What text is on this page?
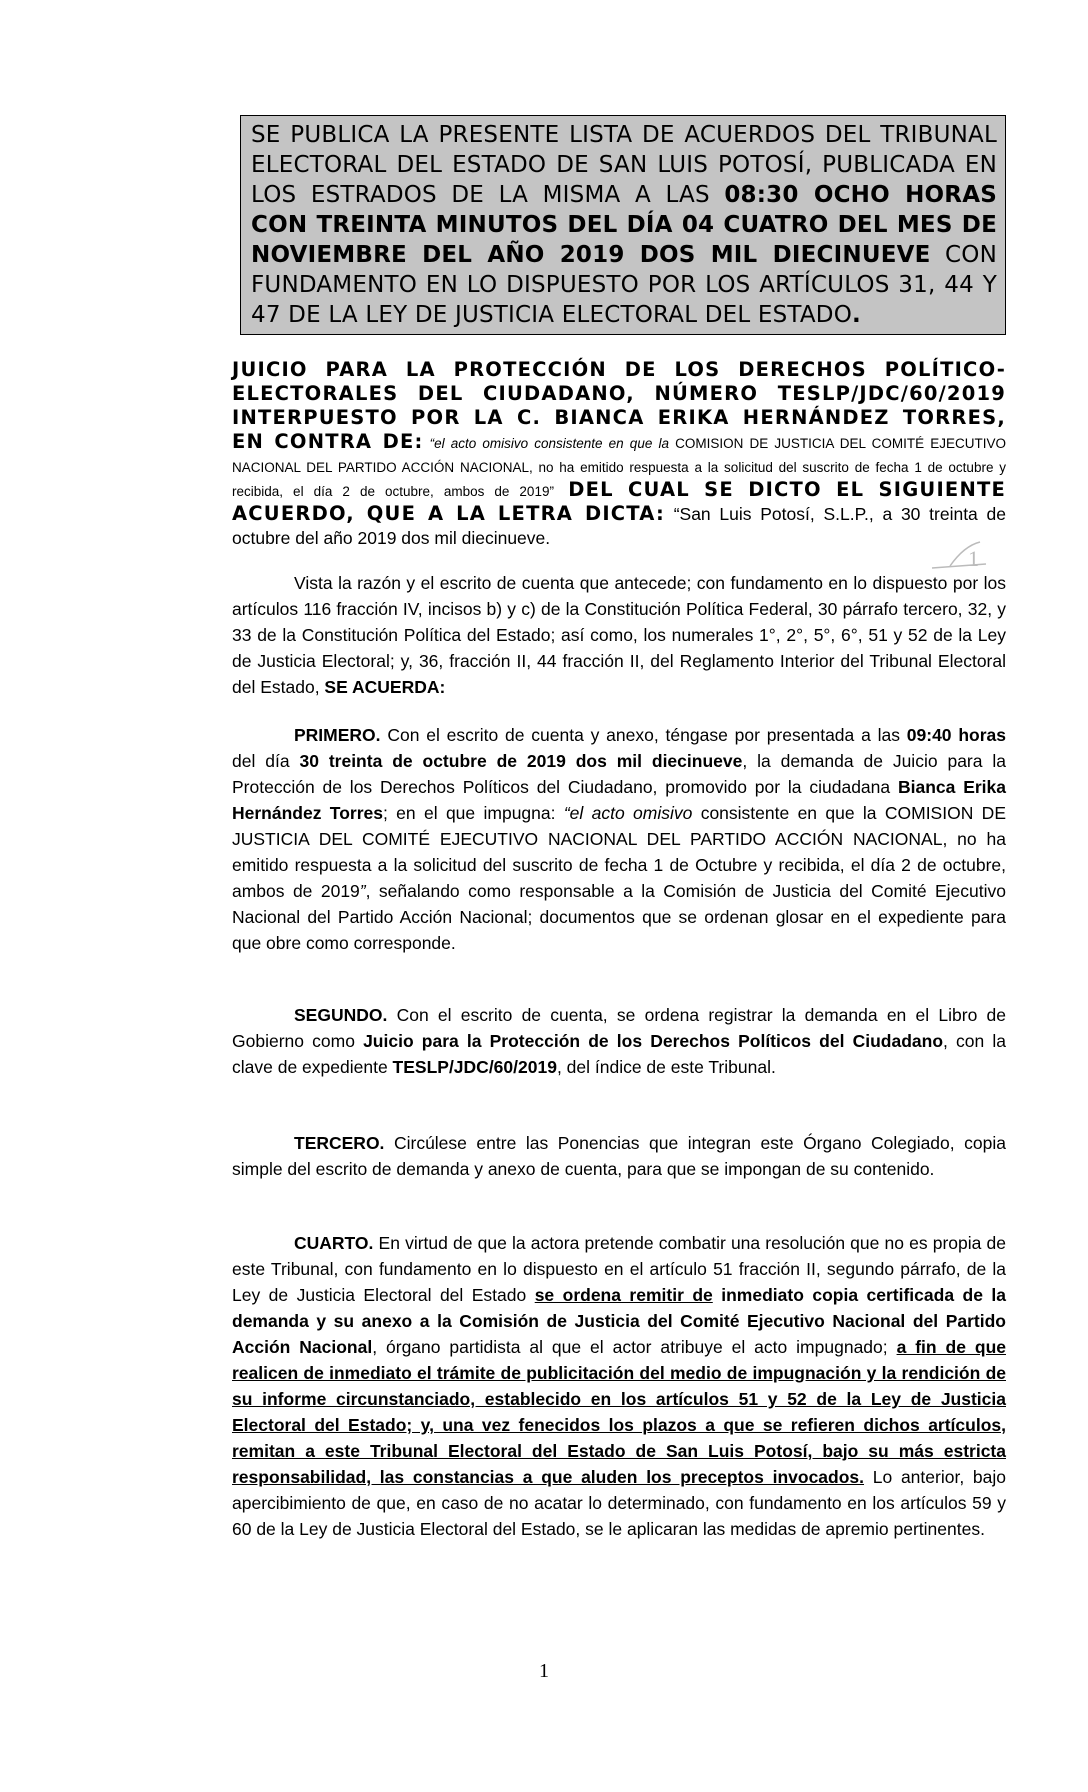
SE PUBLICA LA PRESENTE LISTA DE ACUERDOS DEL TRIBUNAL ELECTORAL DEL ESTADO DE SAN LUIS POTOSÍ, PUBLICADA EN LOS ESTRADOS DE LA MISMA A LAS 08:30 OCHO HORAS CON TREINTA MINUTOS DEL DÍA 04 CUATRO DEL MES DE NOVIEMBRE DEL AÑO 2019 DOS MIL DIECINUEVE CON FUNDAMENTO EN LO DISPUESTO POR LOS ARTÍCULOS 31, 44 Y 47 DE LA LEY DE JUSTICIA ELECTORAL DEL ESTADO.

JUICIO PARA LA PROTECCIÓN DE LOS DERECHOS POLÍTICO-ELECTORALES DEL CIUDADANO, NÚMERO TESLP/JDC/60/2019 INTERPUESTO POR LA C. BIANCA ERIKA HERNÁNDEZ TORRES, EN CONTRA DE: “el acto omisivo consistente en que la COMISION DE JUSTICIA DEL COMITÉ EJECUTIVO NACIONAL DEL PARTIDO ACCIÓN NACIONAL, no ha emitido respuesta a la solicitud del suscrito de fecha 1 de octubre y recibida, el día 2 de octubre, ambos de 2019” DEL CUAL SE DICTO EL SIGUIENTE ACUERDO, QUE A LA LETRA DICTA: “San Luis Potosí, S.L.P., a 30 treinta de octubre del año 2019 dos mil diecinueve.

1

Vista la razón y el escrito de cuenta que antecede; con fundamento en lo dispuesto por los artículos 116 fracción IV, incisos b) y c) de la Constitución Política Federal, 30 párrafo tercero, 32, y 33 de la Constitución Política del Estado; así como, los numerales 1°, 2°, 5°, 6°, 51 y 52 de la Ley de Justicia Electoral; y, 36, fracción II, 44 fracción II, del Reglamento Interior del Tribunal Electoral del Estado, SE ACUERDA:

PRIMERO. Con el escrito de cuenta y anexo, téngase por presentada a las 09:40 horas del día 30 treinta de octubre de 2019 dos mil diecinueve, la demanda de Juicio para la Protección de los Derechos Políticos del Ciudadano, promovido por la ciudadana Bianca Erika Hernández Torres; en el que impugna: “el acto omisivo consistente en que la COMISION DE JUSTICIA DEL COMITÉ EJECUTIVO NACIONAL DEL PARTIDO ACCIÓN NACIONAL, no ha emitido respuesta a la solicitud del suscrito de fecha 1 de Octubre y recibida, el día 2 de octubre, ambos de 2019”, señalando como responsable a la Comisión de Justicia del Comité Ejecutivo Nacional del Partido Acción Nacional; documentos que se ordenan glosar en el expediente para que obre como corresponde.

SEGUNDO. Con el escrito de cuenta, se ordena registrar la demanda en el Libro de Gobierno como Juicio para la Protección de los Derechos Políticos del Ciudadano, con la clave de expediente TESLP/JDC/60/2019, del índice de este Tribunal.

TERCERO. Circúlese entre las Ponencias que integran este Órgano Colegiado, copia simple del escrito de demanda y anexo de cuenta, para que se impongan de su contenido.

CUARTO. En virtud de que la actora pretende combatir una resolución que no es propia de este Tribunal, con fundamento en lo dispuesto en el artículo 51 fracción II, segundo párrafo, de la Ley de Justicia Electoral del Estado se ordena remitir de inmediato copia certificada de la demanda y su anexo a la Comisión de Justicia del Comité Ejecutivo Nacional del Partido Acción Nacional, órgano partidista al que el actor atribuye el acto impugnado; a fin de que realicen de inmediato el trámite de publicitación del medio de impugnación y la rendición de su informe circunstanciado, establecido en los artículos 51 y 52 de la Ley de Justicia Electoral del Estado; y, una vez fenecidos los plazos a que se refieren dichos artículos, remitan a este Tribunal Electoral del Estado de San Luis Potosí, bajo su más estricta responsabilidad, las constancias a que aluden los preceptos invocados. Lo anterior, bajo apercibimiento de que, en caso de no acatar lo determinado, con fundamento en los artículos 59 y 60 de la Ley de Justicia Electoral del Estado, se le aplicaran las medidas de apremio pertinentes.

1
